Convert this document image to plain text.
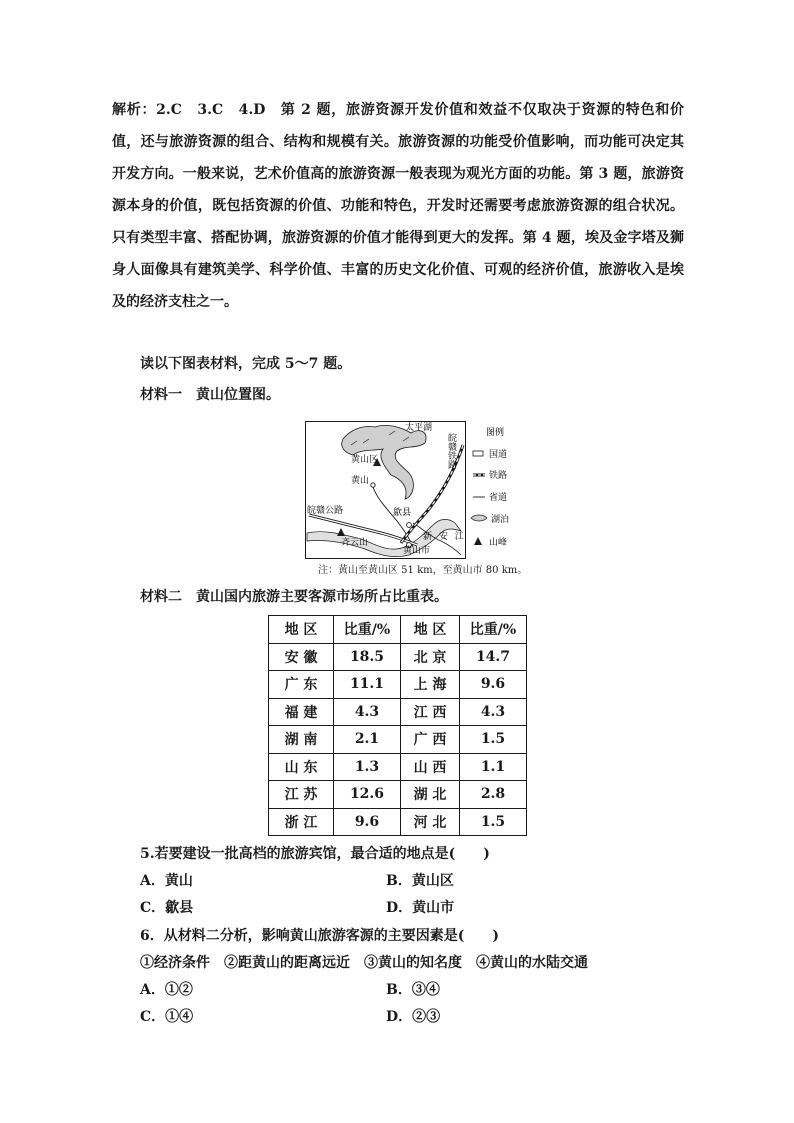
解析：2.C　3.C　4.D　第 2 题，旅游资源开发价值和效益不仅取决于资源的特色和价值，还与旅游资源的组合、结构和规模有关。旅游资源的功能受价值影响，而功能可决定其开发方向。一般来说，艺术价值高的旅游资源一般表现为观光方面的功能。第 3 题，旅游资源本身的价值，既包括资源的价值、功能和特色，开发时还需要考虑旅游资源的组合状况。只有类型丰富、搭配协调，旅游资源的价值才能得到更大的发挥。第 4 题，埃及金字塔及狮身人面像具有建筑美学、科学价值、丰富的历史文化价值、可观的经济价值，旅游收入是埃及的经济支柱之一。

读以下图表材料，完成 5～7 题。

材料一　黄山位置图。

太平湖
黄山区
黄山
皖赣公路
齐云山
歙县
黄山市
新 安 江
皖赣铁路	图例
国道
铁路
省道
湖泊
山峰
注：黄山至黄山区 51 km，至黄山市 80 km。

材料二　黄山国内旅游主要客源市场所占比重表。

地 区	比重/%	地 区	比重/%
安 徽	18.5	北 京	14.7
广 东	11.1	上 海	9.6
福 建	4.3	江 西	4.3
湖 南	2.1	广 西	1.5
山 东	1.3	山 西	1.1
江 苏	12.6	湖 北	2.8
浙 江	9.6	河 北	1.5

5.若要建设一批高档的旅游宾馆，最合适的地点是(　　)

A．黄山	B．黄山区

C．歙县	D．黄山市

6．从材料二分析，影响黄山旅游客源的主要因素是(　　)

①经济条件　②距黄山的距离远近　③黄山的知名度　④黄山的水陆交通

A．①②	B．③④

C．①④	D．②③
